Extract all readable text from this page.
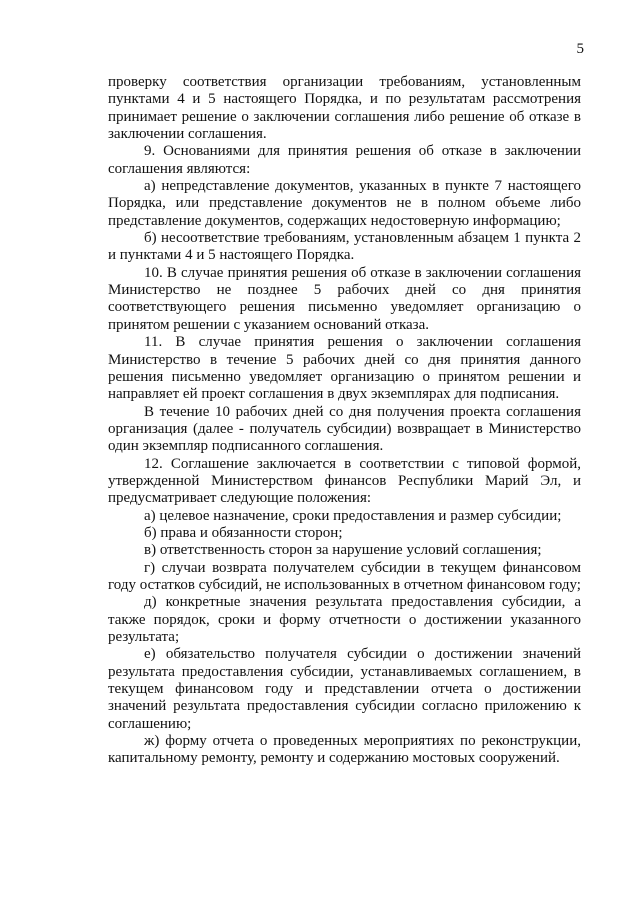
5

проверку соответствия организации требованиям, установленным пунктами 4 и 5 настоящего Порядка, и по результатам рассмотрения принимает решение о заключении соглашения либо решение об отказе в заключении соглашения.

9. Основаниями для принятия решения об отказе в заключении соглашения являются:

а) непредставление документов, указанных в пункте 7 настоящего Порядка, или представление документов не в полном объеме либо представление документов, содержащих недостоверную информацию;

б) несоответствие требованиям, установленным абзацем 1 пункта 2 и пунктами 4 и 5 настоящего Порядка.

10. В случае принятия решения об отказе в заключении соглашения Министерство не позднее 5 рабочих дней со дня принятия соответствующего решения письменно уведомляет организацию о принятом решении с указанием оснований отказа.

11. В случае принятия решения о заключении соглашения Министерство в течение 5 рабочих дней со дня принятия данного решения письменно уведомляет организацию о принятом решении и направляет ей проект соглашения в двух экземплярах для подписания.

В течение 10 рабочих дней со дня получения проекта соглашения организация (далее - получатель субсидии) возвращает в Министерство один экземпляр подписанного соглашения.

12. Соглашение заключается в соответствии с типовой формой, утвержденной Министерством финансов Республики Марий Эл, и предусматривает следующие положения:

а) целевое назначение, сроки предоставления и размер субсидии;

б) права и обязанности сторон;

в) ответственность сторон за нарушение условий соглашения;

г) случаи возврата получателем субсидии в текущем финансовом году остатков субсидий, не использованных в отчетном финансовом году;

д) конкретные значения результата предоставления субсидии, а также порядок, сроки и форму отчетности о достижении указанного результата;

е) обязательство получателя субсидии о достижении значений результата предоставления субсидии, устанавливаемых соглашением, в текущем финансовом году и представлении отчета о достижении значений результата предоставления субсидии согласно приложению к соглашению;

ж) форму отчета о проведенных мероприятиях по реконструкции, капитальному ремонту, ремонту и содержанию мостовых сооружений.
